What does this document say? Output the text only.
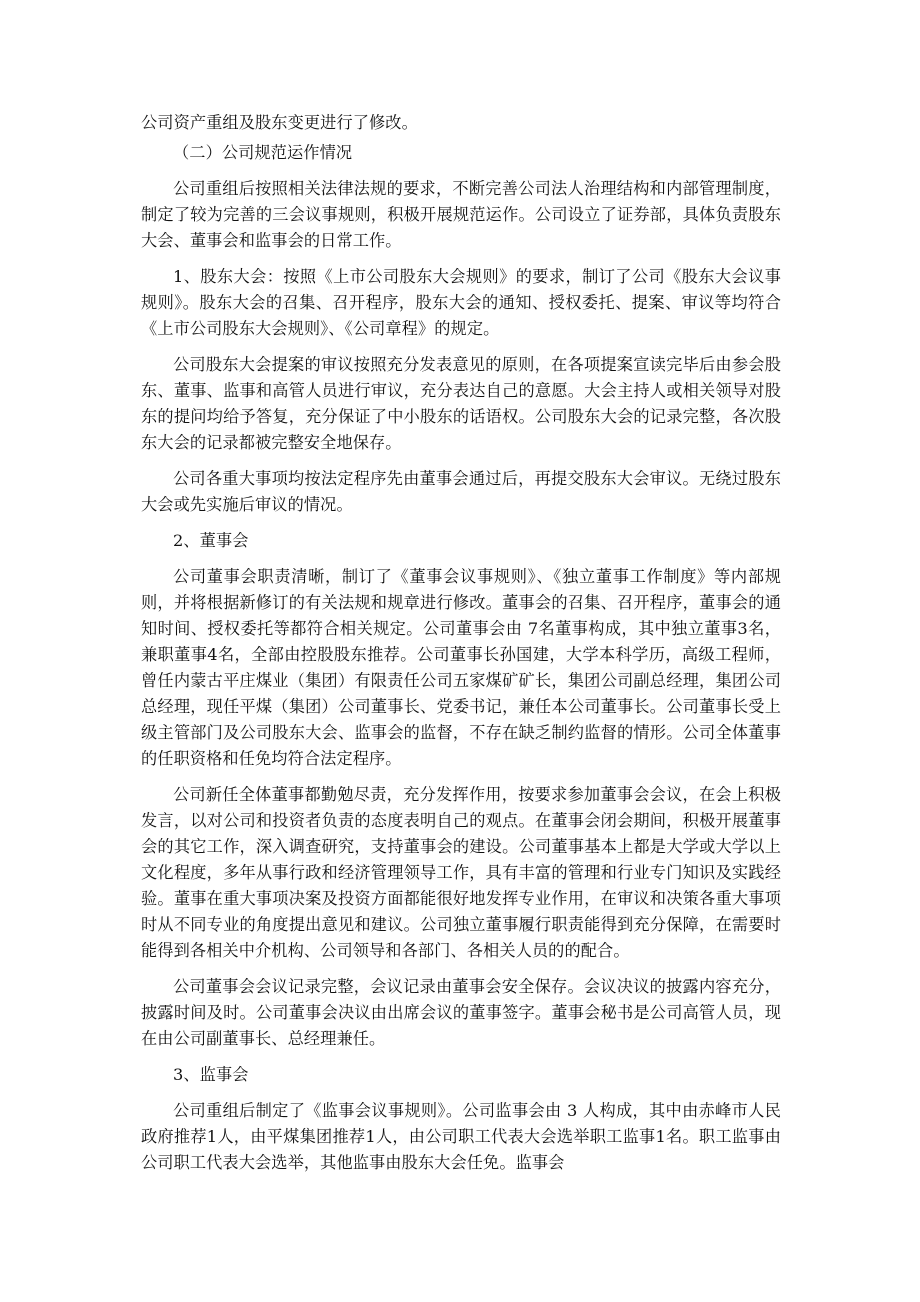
公司资产重组及股东变更进行了修改。

（二）公司规范运作情况

公司重组后按照相关法律法规的要求，不断完善公司法人治理结构和内部管理制度，制定了较为完善的三会议事规则，积极开展规范运作。公司设立了证券部，具体负责股东大会、董事会和监事会的日常工作。

1、股东大会：按照《上市公司股东大会规则》的要求，制订了公司《股东大会议事规则》。股东大会的召集、召开程序，股东大会的通知、授权委托、提案、审议等均符合《上市公司股东大会规则》、《公司章程》的规定。

公司股东大会提案的审议按照充分发表意见的原则，在各项提案宣读完毕后由参会股东、董事、监事和高管人员进行审议，充分表达自己的意愿。大会主持人或相关领导对股东的提问均给予答复，充分保证了中小股东的话语权。公司股东大会的记录完整，各次股东大会的记录都被完整安全地保存。

公司各重大事项均按法定程序先由董事会通过后，再提交股东大会审议。无绕过股东大会或先实施后审议的情况。

2、董事会

公司董事会职责清晰，制订了《董事会议事规则》、《独立董事工作制度》等内部规则，并将根据新修订的有关法规和规章进行修改。董事会的召集、召开程序，董事会的通知时间、授权委托等都符合相关规定。公司董事会由 7名董事构成，其中独立董事3名，兼职董事4名，全部由控股股东推荐。公司董事长孙国建，大学本科学历，高级工程师，曾任内蒙古平庄煤业（集团）有限责任公司五家煤矿矿长，集团公司副总经理，集团公司总经理，现任平煤（集团）公司董事长、党委书记，兼任本公司董事长。公司董事长受上级主管部门及公司股东大会、监事会的监督，不存在缺乏制约监督的情形。公司全体董事的任职资格和任免均符合法定程序。

公司新任全体董事都勤勉尽责，充分发挥作用，按要求参加董事会会议，在会上积极发言，以对公司和投资者负责的态度表明自己的观点。在董事会闭会期间，积极开展董事会的其它工作，深入调查研究，支持董事会的建设。公司董事基本上都是大学或大学以上文化程度，多年从事行政和经济管理领导工作，具有丰富的管理和行业专门知识及实践经验。董事在重大事项决案及投资方面都能很好地发挥专业作用，在审议和决策各重大事项时从不同专业的角度提出意见和建议。公司独立董事履行职责能得到充分保障，在需要时能得到各相关中介机构、公司领导和各部门、各相关人员的的配合。

公司董事会会议记录完整，会议记录由董事会安全保存。会议决议的披露内容充分，披露时间及时。公司董事会决议由出席会议的董事签字。董事会秘书是公司高管人员，现在由公司副董事长、总经理兼任。

3、监事会

公司重组后制定了《监事会议事规则》。公司监事会由 3 人构成，其中由赤峰市人民政府推荐1人，由平煤集团推荐1人，由公司职工代表大会选举职工监事1名。职工监事由公司职工代表大会选举，其他监事由股东大会任免。监事会
